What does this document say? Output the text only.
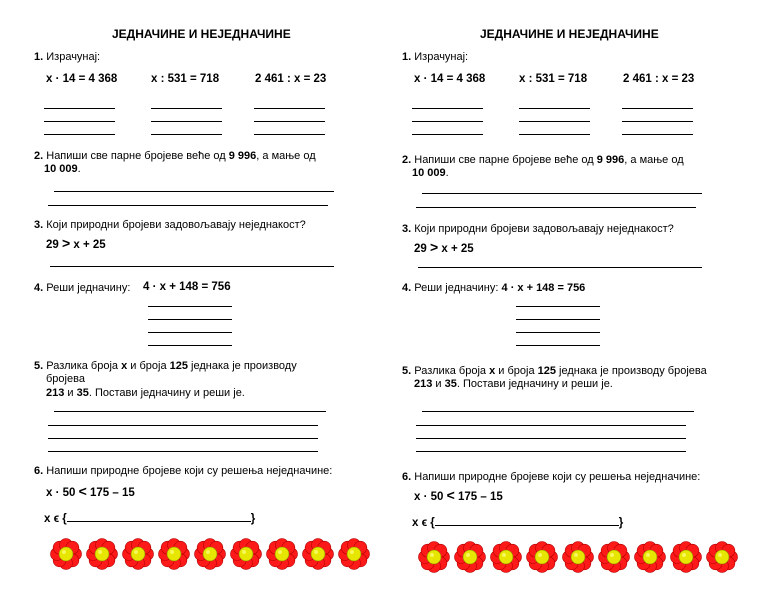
ЈЕДНАЧИНЕ И НЕЈЕДНАЧИНЕ
1. Израчунај:
x · 14 = 4 368	x : 531 = 718	2 461 : x = 23
2. Напиши све парне бројеве веће од 9 996, а мање од
10 009.
3. Који природни бројеви задовољавају неједнакост?
29 > x + 25
4. Реши једначину: 4 · x + 148 = 756
5. Разлика броја x и броја 125 једнака је производу
бројева
213 и 35. Постави једначину и реши је.
6. Напиши природне бројеве који су решења неједначине:
x · 50 < 175 – 15
x ϵ {	}
ЈЕДНАЧИНЕ И НЕЈЕДНАЧИНЕ
1. Израчунај:
x · 14 = 4 368	x : 531 = 718	2 461 : x = 23
2. Напиши све парне бројеве веће од 9 996, а мање од
10 009.
3. Који природни бројеви задовољавају неједнакост?
29 > x + 25
4. Реши једначину: 4 · x + 148 = 756
5. Разлика броја x и броја 125 једнака је производу бројева
213 и 35. Постави једначину и реши је.
6. Напиши природне бројеве који су решења неједначине:
x · 50 < 175 – 15
x ϵ {	}
